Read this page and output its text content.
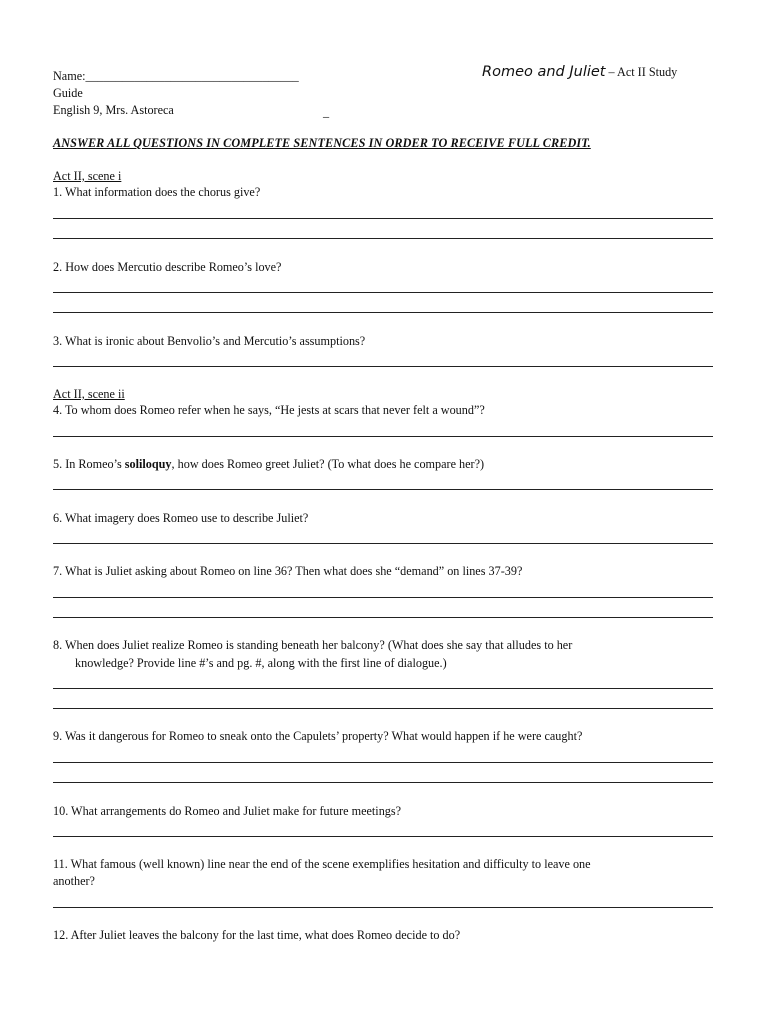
Name:___________________________________
Guide
English 9, Mrs. Astoreca	_
Romeo and Juliet – Act II Study
ANSWER ALL QUESTIONS IN COMPLETE SENTENCES IN ORDER TO RECEIVE FULL CREDIT.
Act II, scene i
1. What information does the chorus give?
2. How does Mercutio describe Romeo’s love?
3. What is ironic about Benvolio’s and Mercutio’s assumptions?
Act II, scene ii
4. To whom does Romeo refer when he says, “He jests at scars that never felt a wound”?
5. In Romeo’s soliloquy, how does Romeo greet Juliet? (To what does he compare her?)
6. What imagery does Romeo use to describe Juliet?
7. What is Juliet asking about Romeo on line 36? Then what does she “demand” on lines 37-39?
8. When does Juliet realize Romeo is standing beneath her balcony? (What does she say that alludes to her
knowledge? Provide line #’s and pg. #, along with the first line of dialogue.)
9. Was it dangerous for Romeo to sneak onto the Capulets’ property? What would happen if he were caught?
10. What arrangements do Romeo and Juliet make for future meetings?
11. What famous (well known) line near the end of the scene exemplifies hesitation and difficulty to leave one
another?
12. After Juliet leaves the balcony for the last time, what does Romeo decide to do?
